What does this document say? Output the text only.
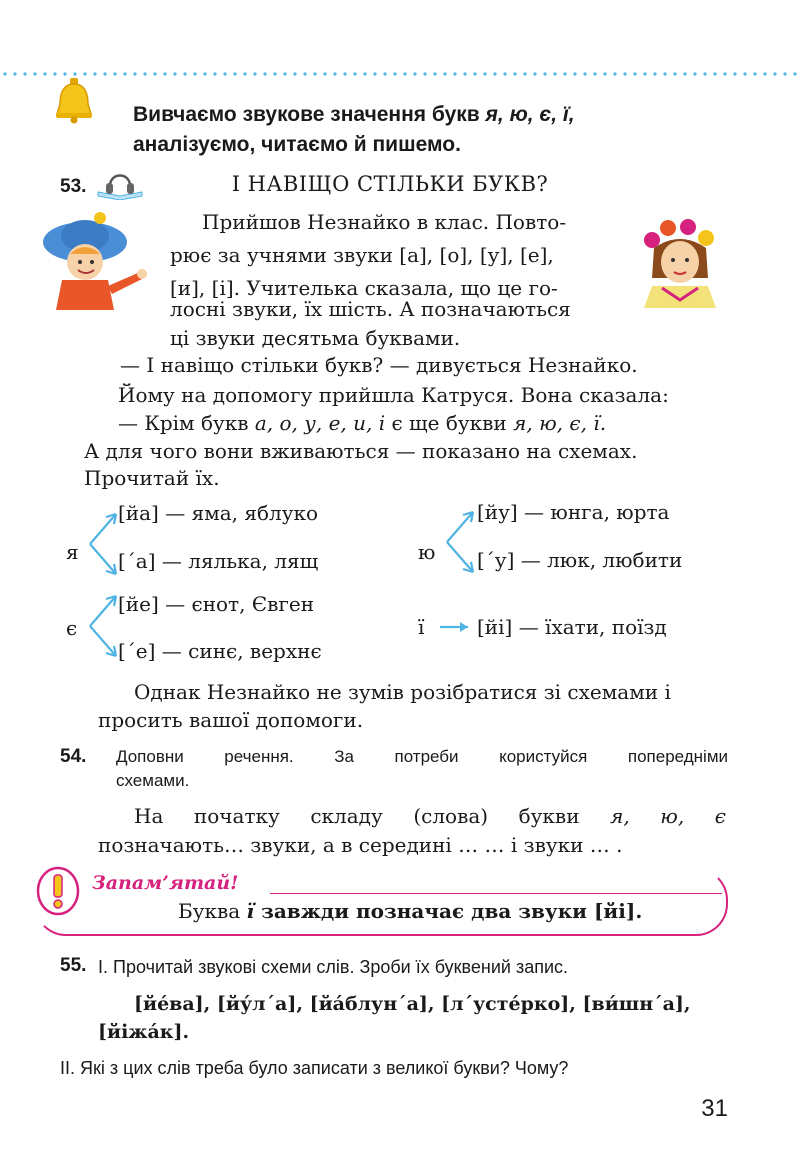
Вивчаємо звукове значення букв я, ю, є, ї,
аналізуємо, читаємо й пишемо.
53.	І НАВІЩО СТІЛЬКИ БУКВ?
Прийшов Незнайко в клас. Повто-
рює за учнями звуки [а], [о], [у], [е],
[и], [і]. Учителька сказала, що це го-
лосні звуки, їх шість. А позначаються
ці звуки десятьма буквами.
— І навіщо стільки букв? — дивується Незнайко.
Йому на допомогу прийшла Катруся. Вона сказала:
— Крім букв а, о, у, е, и, і є ще букви я, ю, є, ї.
А для чого вони вживаються — показано на схемах.
Прочитай їх.
я
[йа] — яма, яблуко
[´а] — лялька, лящ	ю
[йу] — юнга, юрта
[´у] — люк, любити
є
[йе] — єнот, Євген
[´е] — синє, верхнє
ї	[йі] — їхати, поїзд
Однак Незнайко не зумів розібратися зі схемами і
просить вашої допомоги.
54. Доповни речення. За потреби користуйся попередніми
схемами.
На початку складу (слова) букви я, ю, є
позначають… звуки, а в середині … … і звуки … .
Запам’ятай!
Буква ї завжди позначає два звуки [йі].
55. І. Прочитай звукові схеми слів. Зроби їх буквений запис.
[йе́ва], [йу́л´а], [йа́блун´а], [л´усте́рко], [ви́шн´а],
[йіжа́к].
ІІ. Які з цих слів треба було записати з великої букви? Чому?
31
